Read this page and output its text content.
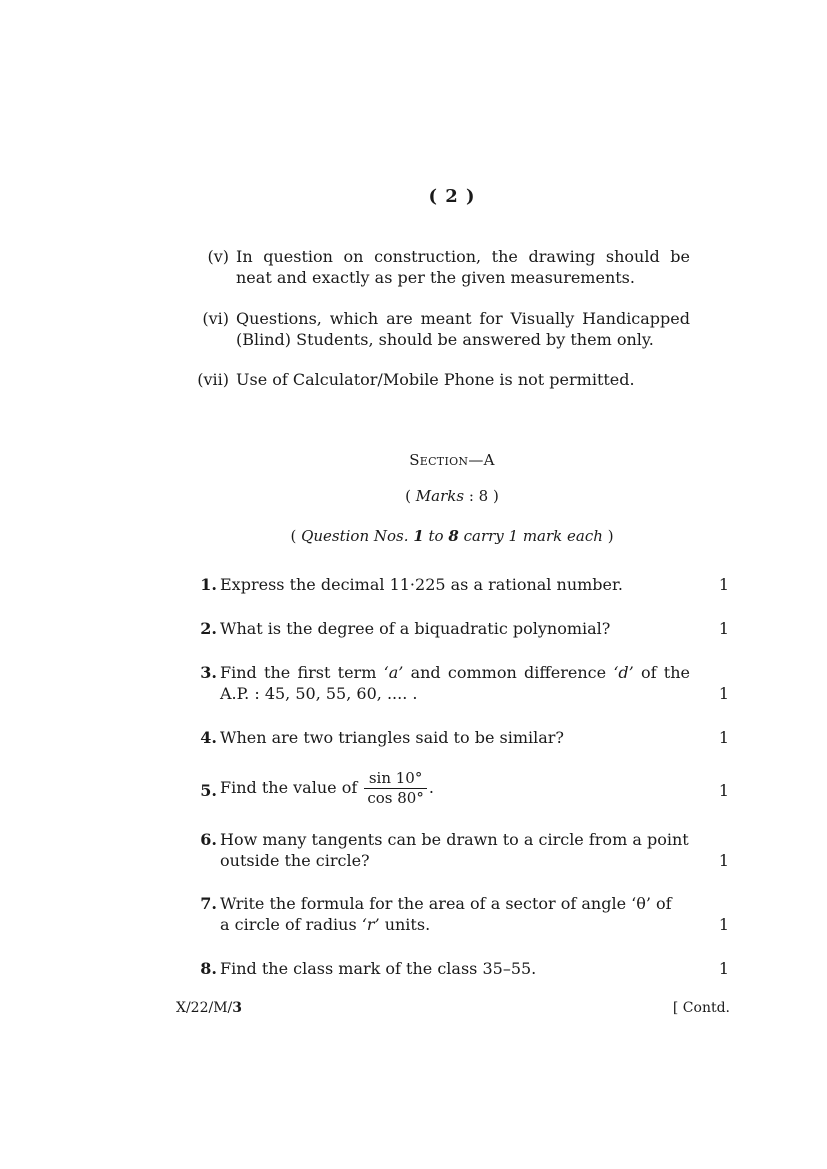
( 2 )
(v) In question on construction, the drawing should be neat and exactly as per the given measurements.
(vi) Questions, which are meant for Visually Handicapped (Blind) Students, should be answered by them only.
(vii) Use of Calculator/Mobile Phone is not permitted.
Section—A
( Marks : 8 )
( Question Nos. 1 to 8 carry 1 mark each )
1. Express the decimal 11·225 as a rational number.	1
2. What is the degree of a biquadratic polynomial?	1
3. Find the first term ‘a’ and common difference ‘d’ of the
A.P. : 45, 50, 55, 60, .... .	1
4. When are two triangles said to be similar?	1
5. Find the value of $\frac{\sin 10^\circ}{\cos 80^\circ}$ .	1
6. How many tangents can be drawn to a circle from a point
outside the circle?	1
7. Write the formula for the area of a sector of angle ‘θ’ of
a circle of radius ‘r’ units.	1
8. Find the class mark of the class 35–55.	1
X/22/M/3	[ Contd.
